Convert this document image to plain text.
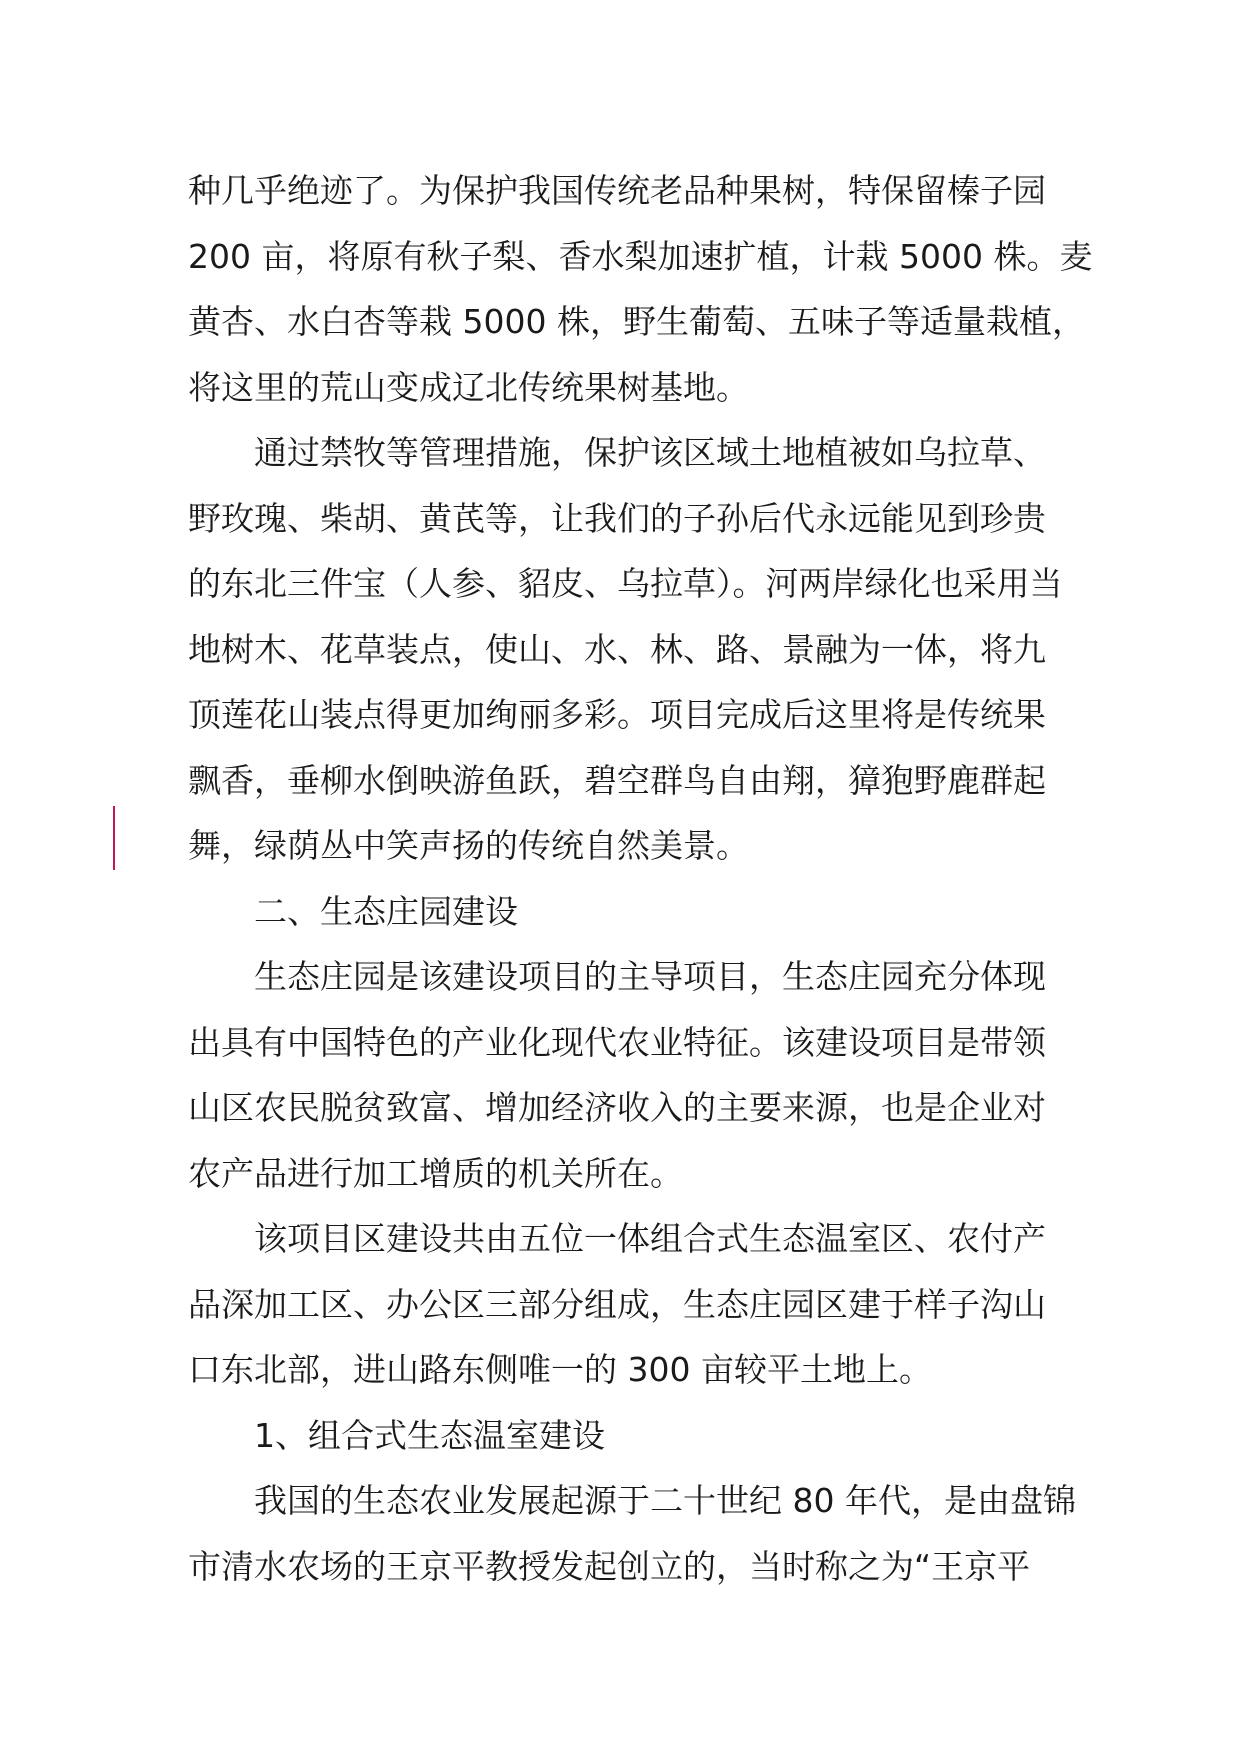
种几乎绝迹了。为保护我国传统老品种果树，特保留榛子园
200 亩，将原有秋子梨、香水梨加速扩植，计栽 5000 株。麦
黄杏、水白杏等栽 5000 株，野生葡萄、五味子等适量栽植，
将这里的荒山变成辽北传统果树基地。
通过禁牧等管理措施，保护该区域土地植被如乌拉草、
野玫瑰、柴胡、黄芪等，让我们的子孙后代永远能见到珍贵
的东北三件宝（人参、貂皮、乌拉草）。河两岸绿化也采用当
地树木、花草装点，使山、水、林、路、景融为一体，将九
顶莲花山装点得更加绚丽多彩。项目完成后这里将是传统果
飘香，垂柳水倒映游鱼跃，碧空群鸟自由翔，獐狍野鹿群起
舞，绿荫丛中笑声扬的传统自然美景。
二、生态庄园建设
生态庄园是该建设项目的主导项目，生态庄园充分体现
出具有中国特色的产业化现代农业特征。该建设项目是带领
山区农民脱贫致富、增加经济收入的主要来源，也是企业对
农产品进行加工增质的机关所在。
该项目区建设共由五位一体组合式生态温室区、农付产
品深加工区、办公区三部分组成，生态庄园区建于样子沟山
口东北部，进山路东侧唯一的 300 亩较平土地上。
1、组合式生态温室建设
我国的生态农业发展起源于二十世纪 80 年代，是由盘锦
市清水农场的王京平教授发起创立的，当时称之为“王京平
